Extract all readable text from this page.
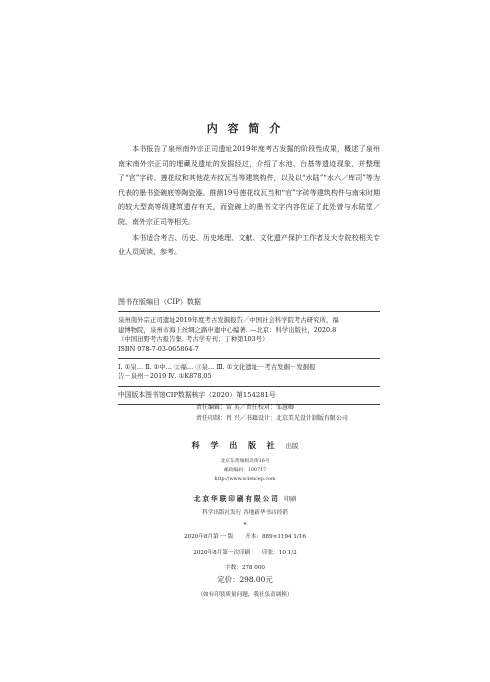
内 容 简 介

本书报告了泉州南外宗正司遗址2019年度考古发掘的阶段性成果，概述了泉州南宋南外宗正司的埋藏及遗址的发掘经过，介绍了水池、台基等遗迹现象，并整理了“官”字砖、莲花纹和其他花卉纹瓦当等建筑构件，以及以“水陆”“水六／库司”等为代表的墨书瓷碗底等陶瓷器。推测19号莲花纹瓦当和“官”字砖等建筑构件与南宋时期的较大型高等级建筑遗存有关，而瓷碗上的墨书文字内容佐证了此处曾与水陆堂／院、南外宗正司等相关。

本书适合考古、历史、历史地理、文献、文化遗产保护工作者及大专院校相关专业人员阅读、参考。

图书在版编目（CIP）数据
泉州南外宗正司遗址2019年度考古发掘报告／中国社会科学院考古研究所，福
建博物院，泉州市海上丝绸之路申遗中心编著. —北京：科学出版社，2020.8
（中国田野考古报告集. 考古学专刊；丁种第103号）
ISBN 978-7-03-065864-7
Ⅰ. ①泉… Ⅱ. ①中… ②福… ③泉… Ⅲ. ①文化遗址－考古发掘－发掘报
告－泉州－2019 Ⅳ. ①K878.05
中国版本图书馆CIP数据核字（2020）第154281号
责任编辑：雷 英／责任校对：邹慧卿
责任印制：肖 兴／书籍设计：北京美光设计制版有限公司
科 学 出 版 社 出版
北京东黄城根北街16号
邮政编码：100717
http://www.sciencep.com
北京华联印刷有限公司 印刷
科学出版社发行 各地新华书店经销
*
2020年8月第 一 版 开本：889×1194 1/16
2020年8月第一次印刷 印张：10 1/2
字数：278 000
定价：298.00元
（如有印装质量问题，我社负责调换）
